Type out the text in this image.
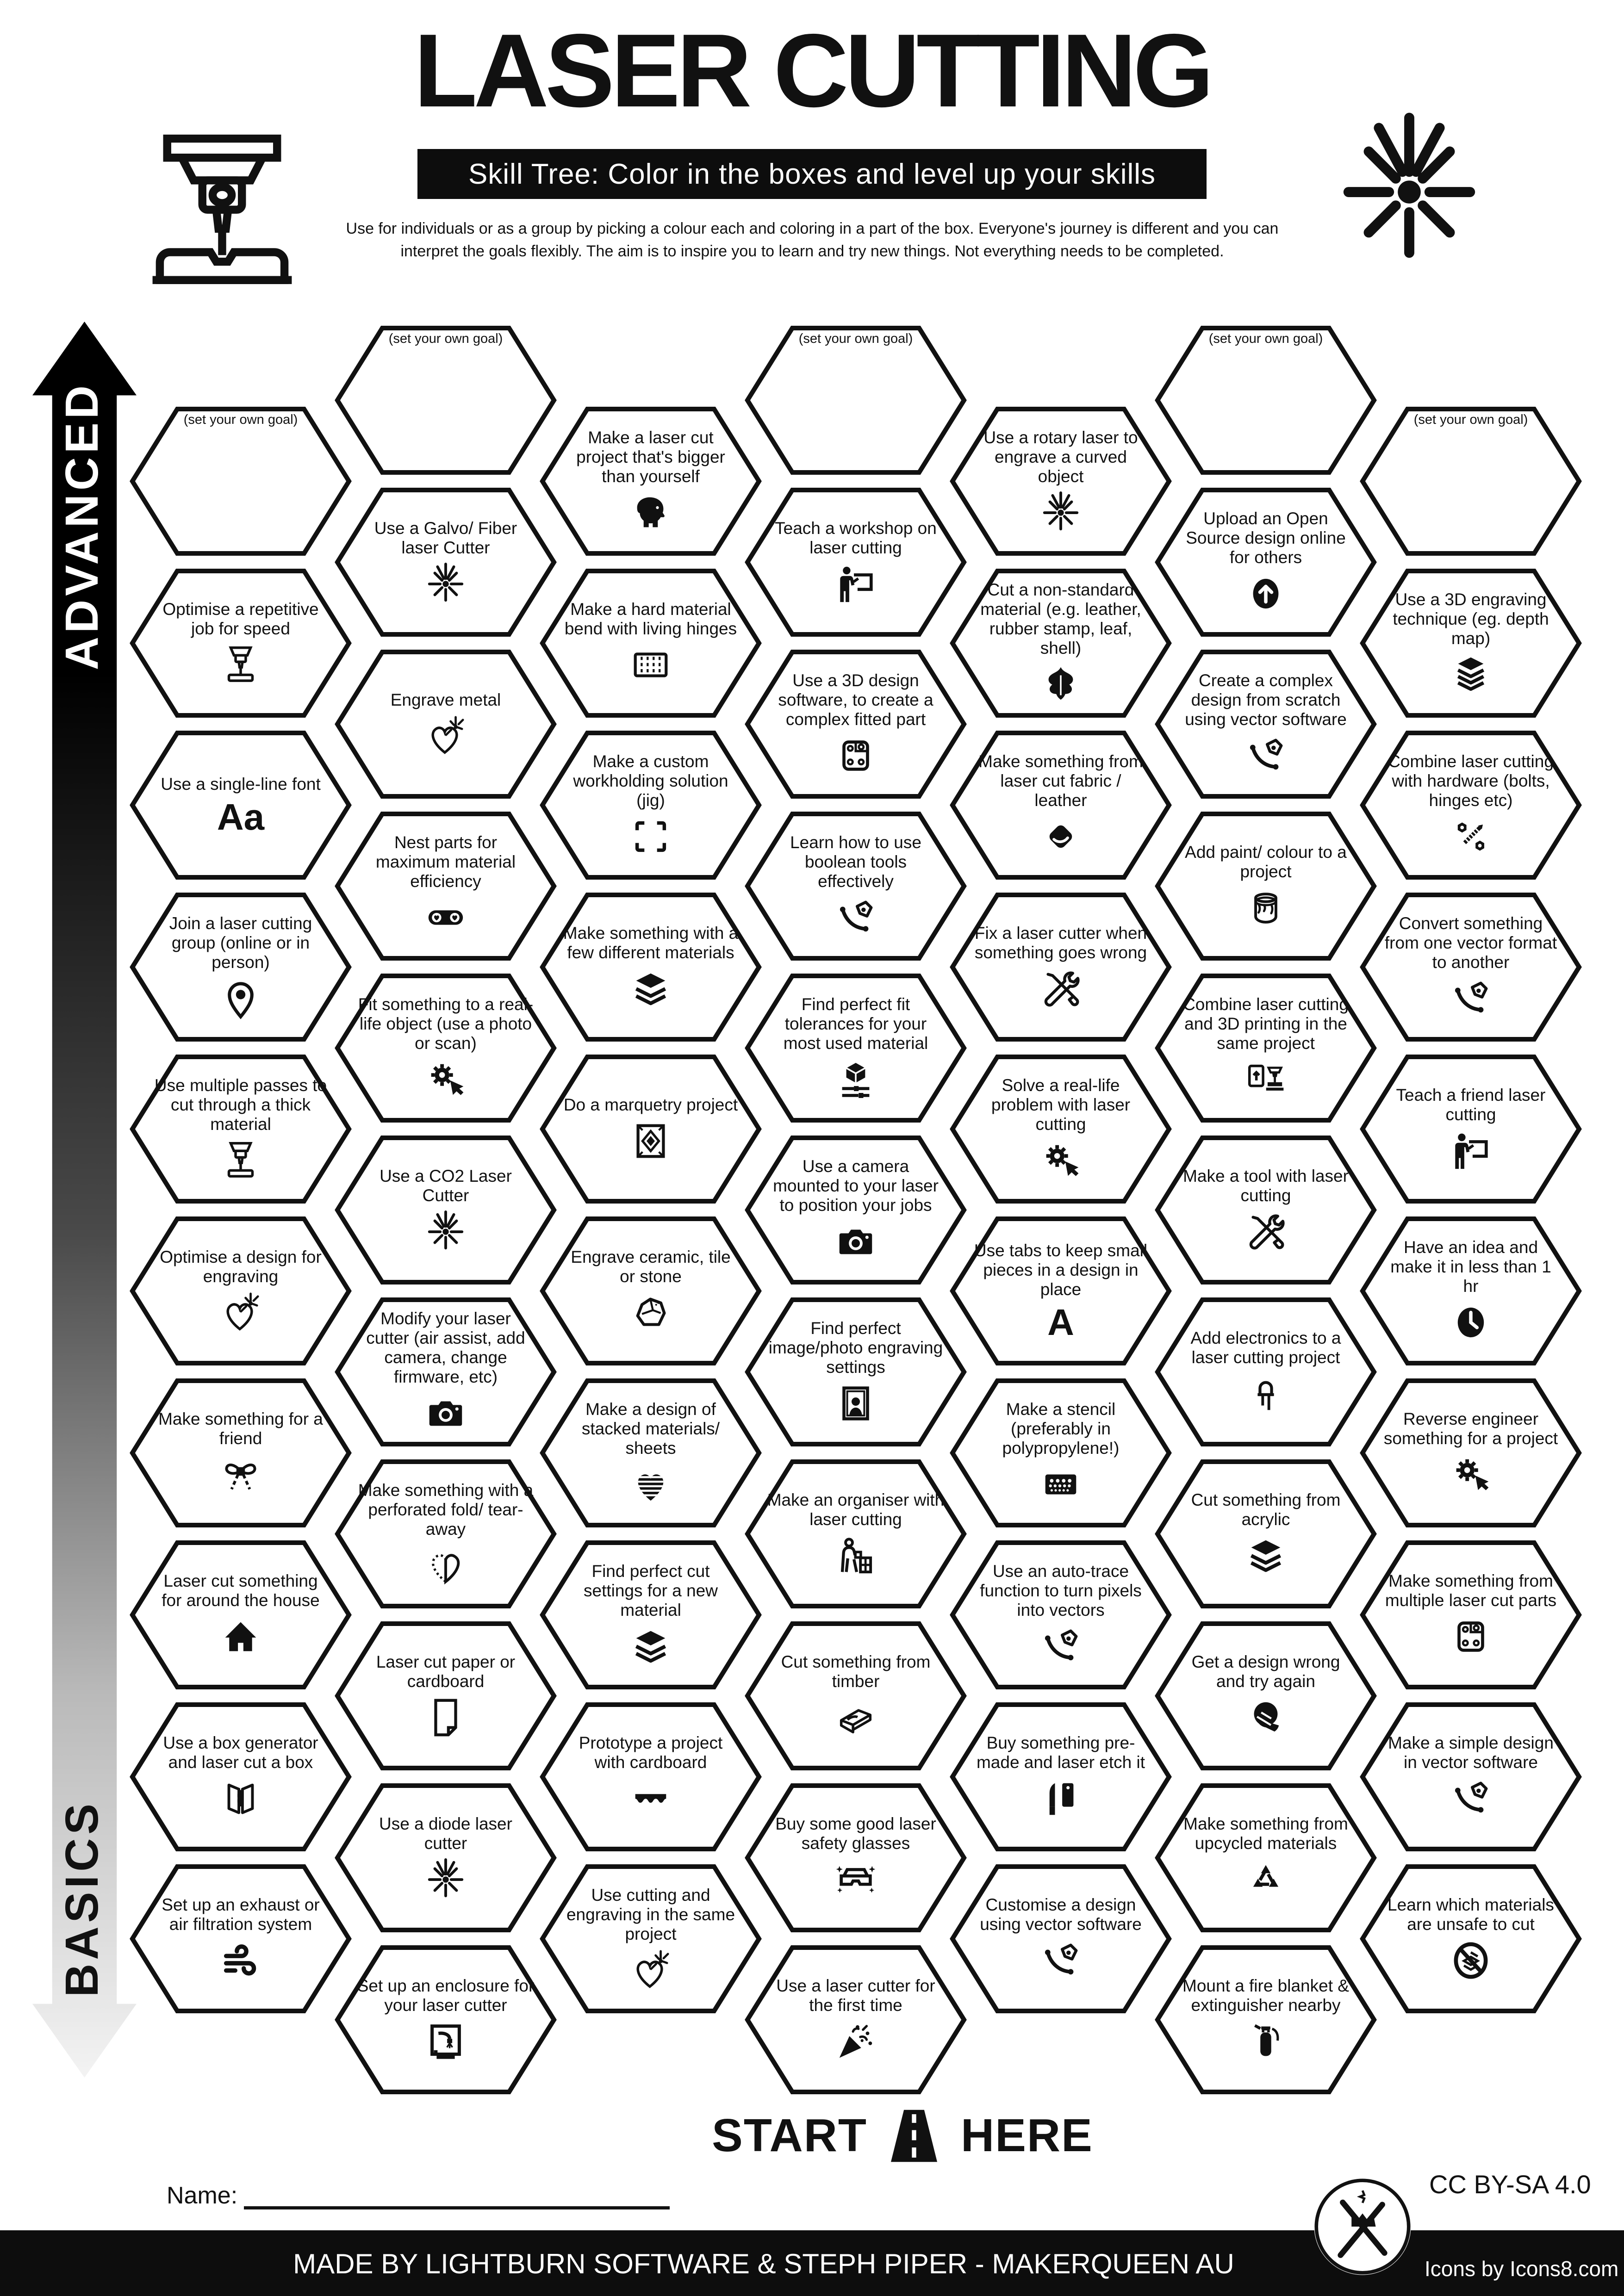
LASER CUTTING
Skill Tree: Color in the boxes and level up your skills
Use for individuals or as a group by picking a colour each and coloring in a part of the box. Everyone's journey is different and you can
interpret the goals flexibly. The aim is to inspire you to learn and try new things. Not everything needs to be completed.
ADVANCED
BASICS
(set your own goal)
Optimise a repetitive job for speed
Use a single-line font
Aa
Join a laser cutting group (online or in person)
Use multiple passes to cut through a thick material
Optimise a design for engraving
Make something for a friend
Laser cut something for around the house
Use a box generator and laser cut a box
Set up an exhaust or air filtration system
(set your own goal)
Use a Galvo/ Fiber laser Cutter
Engrave metal
Nest parts for maximum material efficiency
Fit something to a real-life object (use a photo or scan)
Use a CO2 Laser Cutter
Modify your laser cutter (air assist, add camera, change firmware, etc)
Make something with a perforated fold/ tear-away
Laser cut paper or cardboard
Use a diode laser cutter
Set up an enclosure for your laser cutter
Make a laser cut project that's bigger than yourself
Make a hard material bend with living hinges
Make a custom workholding solution (jig)
Make something with a few different materials
Do a marquetry project
Engrave ceramic, tile or stone
Make a design of stacked materials/ sheets
Find perfect cut settings for a new material
Prototype a project with cardboard
Use cutting and engraving in the same project
(set your own goal)
Teach a workshop on laser cutting
Use a 3D design software, to create a complex fitted part
Learn how to use boolean tools effectively
Find perfect fit tolerances for your most used material
Use a camera mounted to your laser to position your jobs
Find perfect image/photo engraving settings
Make an organiser with laser cutting
Cut something from timber
Buy some good laser safety glasses
Use a laser cutter for the first time
Use a rotary laser to engrave a curved object
Cut a non-standard material (e.g. leather, rubber stamp, leaf, shell)
Make something from laser cut fabric / leather
Fix a laser cutter when something goes wrong
Solve a real-life problem with laser cutting
Use tabs to keep small pieces in a design in place
A
Make a stencil (preferably in polypropylene!)
Use an auto-trace function to turn pixels into vectors
Buy something pre-made and laser etch it
Customise a design using vector software
(set your own goal)
Upload an Open Source design online for others
Create a complex design from scratch using vector software
Add paint/ colour to a project
Combine laser cutting and 3D printing in the same project
Make a tool with laser cutting
Add electronics to a laser cutting project
Cut something from acrylic
Get a design wrong and try again
Make something from upcycled materials
Mount a fire blanket & extinguisher nearby
(set your own goal)
Use a 3D engraving technique (eg. depth map)
Combine laser cutting with hardware (bolts, hinges etc)
Convert something from one vector format to another
Teach a friend laser cutting
Have an idea and make it in less than 1 hr
Reverse engineer something for a project
Make something from multiple laser cut parts
Make a simple design in vector software
Learn which materials are unsafe to cut
START HERE
Name:	CC BY-SA 4.0
MADE BY LIGHTBURN SOFTWARE & STEPH PIPER - MAKERQUEEN AU	Icons by Icons8.com
